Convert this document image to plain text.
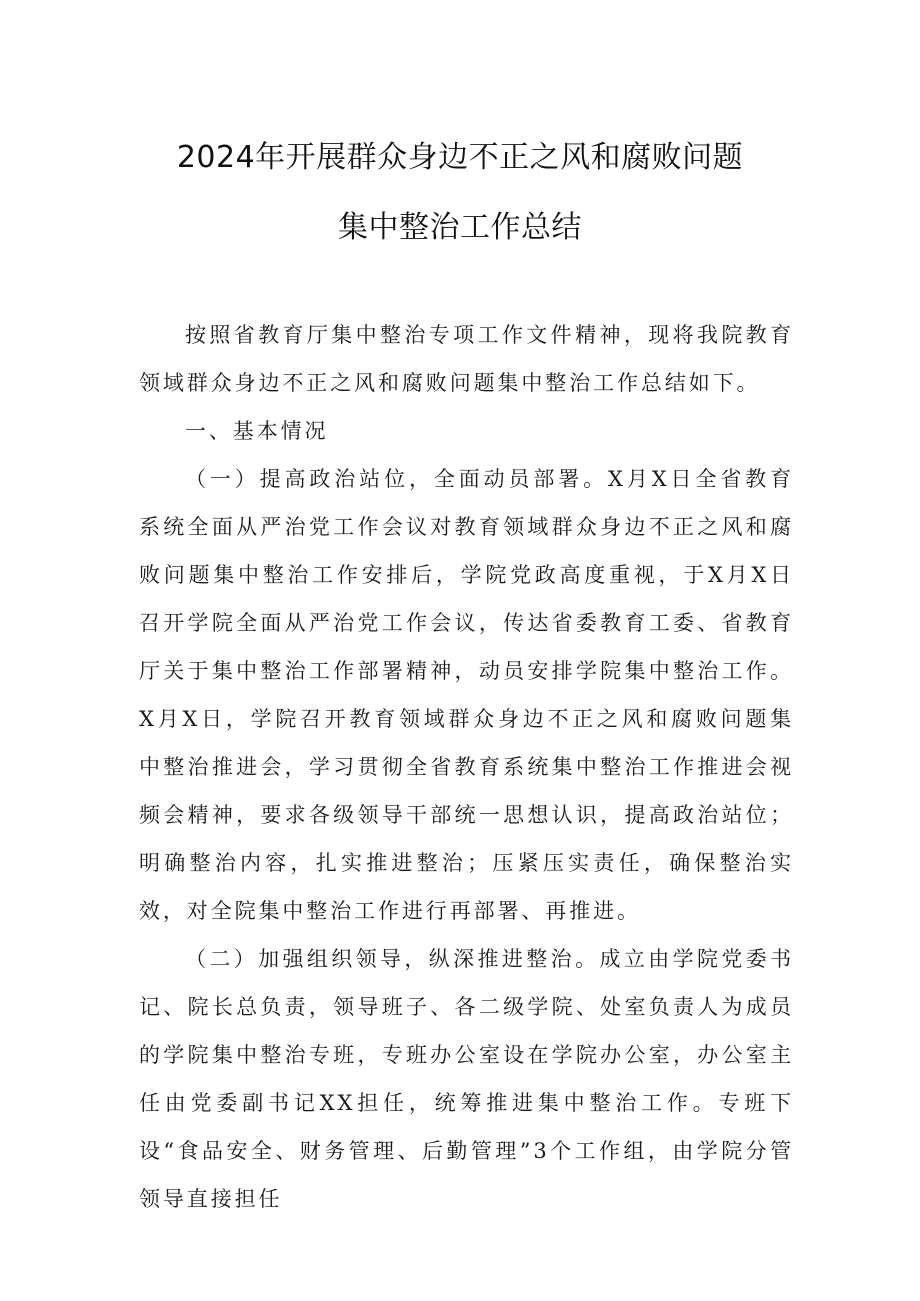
2024年开展群众身边不正之风和腐败问题
集中整治工作总结

按照省教育厅集中整治专项工作文件精神，现将我院教育领域群众身边不正之风和腐败问题集中整治工作总结如下。

一、基本情况

（一）提高政治站位，全面动员部署。X月X日全省教育系统全面从严治党工作会议对教育领域群众身边不正之风和腐败问题集中整治工作安排后，学院党政高度重视，于X月X日召开学院全面从严治党工作会议，传达省委教育工委、省教育厅关于集中整治工作部署精神，动员安排学院集中整治工作。X月X日，学院召开教育领域群众身边不正之风和腐败问题集中整治推进会，学习贯彻全省教育系统集中整治工作推进会视频会精神，要求各级领导干部统一思想认识，提高政治站位；明确整治内容，扎实推进整治；压紧压实责任，确保整治实效，对全院集中整治工作进行再部署、再推进。

（二）加强组织领导，纵深推进整治。成立由学院党委书记、院长总负责，领导班子、各二级学院、处室负责人为成员的学院集中整治专班，专班办公室设在学院办公室，办公室主任由党委副书记XX担任，统筹推进集中整治工作。专班下设“食品安全、财务管理、后勤管理”3个工作组，由学院分管领导直接担任
